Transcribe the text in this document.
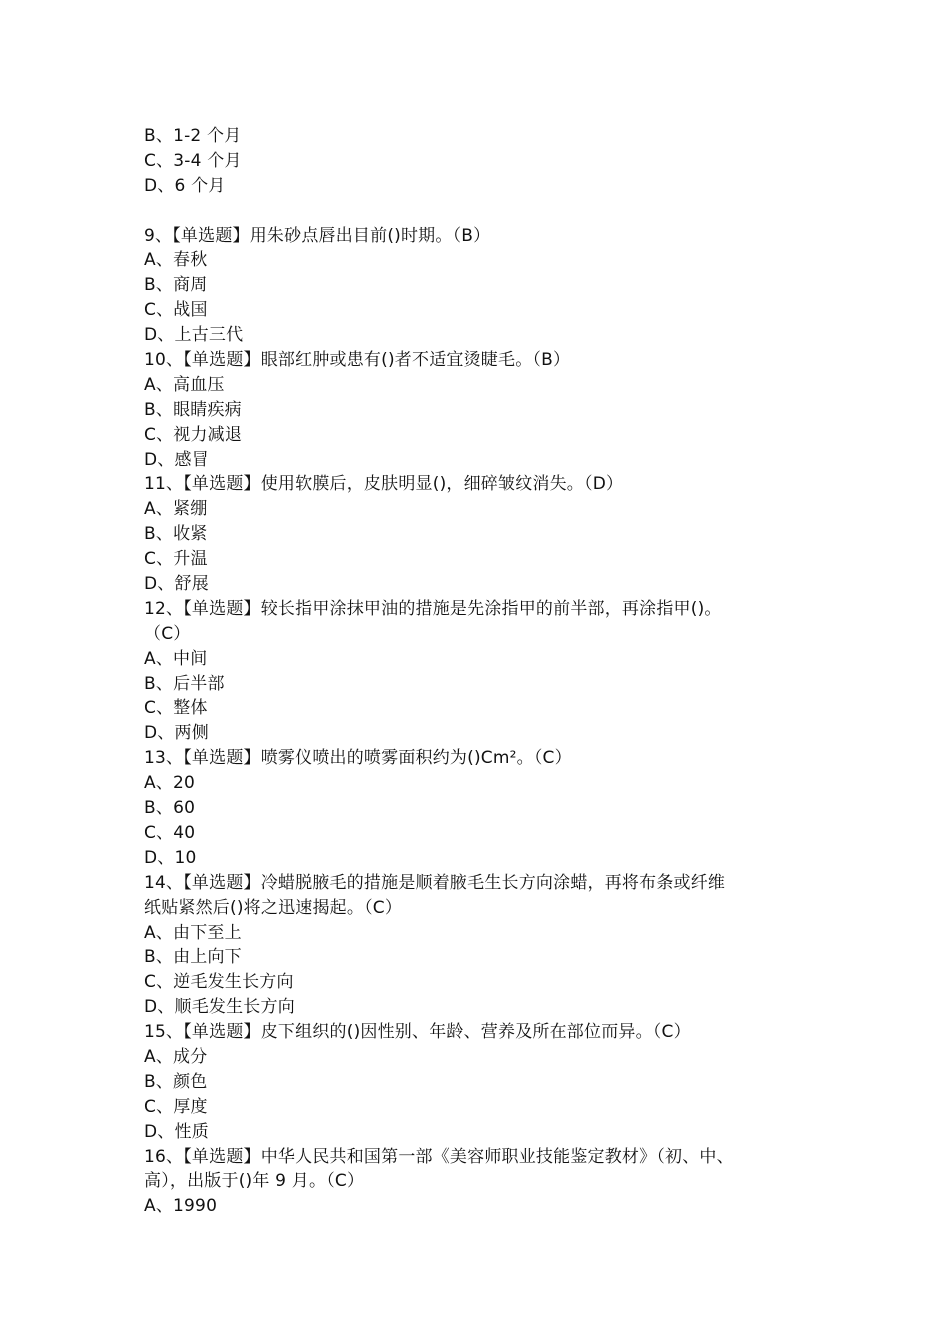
B、1-2 个月
C、3-4 个月
D、6 个月
9、【单选题】用朱砂点唇出目前()时期。（B）
A、春秋
B、商周
C、战国
D、上古三代
10、【单选题】眼部红肿或患有()者不适宜烫睫毛。（B）
A、高血压
B、眼睛疾病
C、视力减退
D、感冒
11、【单选题】使用软膜后，皮肤明显()，细碎皱纹消失。（D）
A、紧绷
B、收紧
C、升温
D、舒展
12、【单选题】较长指甲涂抹甲油的措施是先涂指甲的前半部，再涂指甲()。
（C）
A、中间
B、后半部
C、整体
D、两侧
13、【单选题】喷雾仪喷出的喷雾面积约为()Cm²。（C）
A、20
B、60
C、40
D、10
14、【单选题】冷蜡脱腋毛的措施是顺着腋毛生长方向涂蜡，再将布条或纤维
纸贴紧然后()将之迅速揭起。（C）
A、由下至上
B、由上向下
C、逆毛发生长方向
D、顺毛发生长方向
15、【单选题】皮下组织的()因性别、年龄、营养及所在部位而异。（C）
A、成分
B、颜色
C、厚度
D、性质
16、【单选题】中华人民共和国第一部《美容师职业技能鉴定教材》（初、中、
高），出版于()年 9 月。（C）
A、1990
